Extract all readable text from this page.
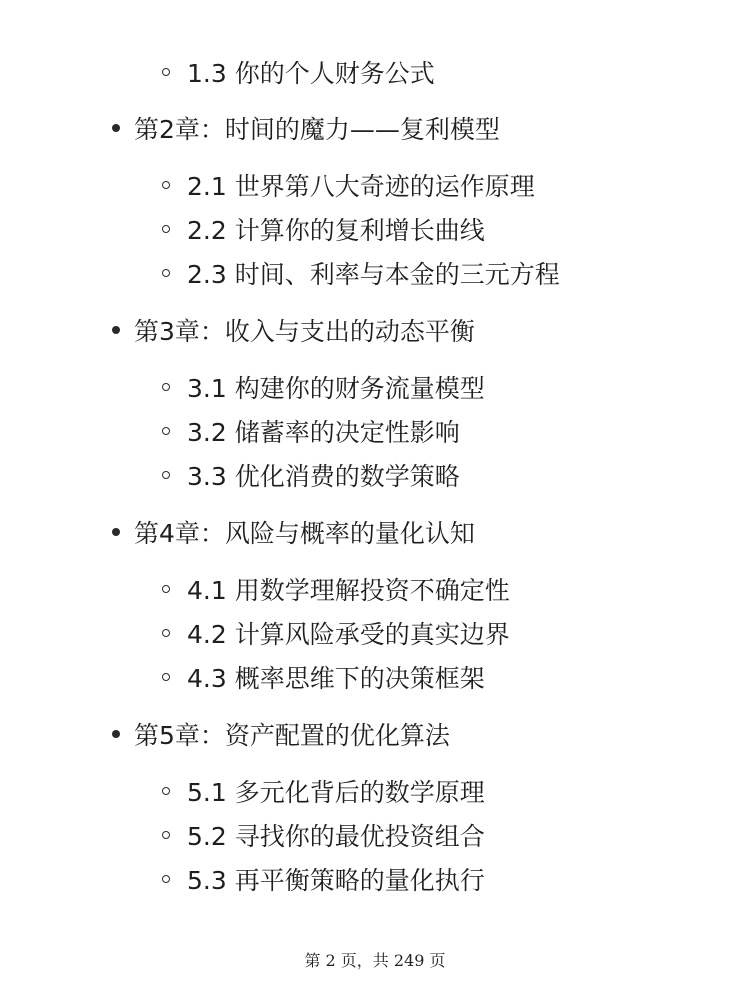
1.3 你的个人财务公式
第2章：时间的魔力——复利模型
2.1 世界第八大奇迹的运作原理
2.2 计算你的复利增长曲线
2.3 时间、利率与本金的三元方程
第3章：收入与支出的动态平衡
3.1 构建你的财务流量模型
3.2 储蓄率的决定性影响
3.3 优化消费的数学策略
第4章：风险与概率的量化认知
4.1 用数学理解投资不确定性
4.2 计算风险承受的真实边界
4.3 概率思维下的决策框架
第5章：资产配置的优化算法
5.1 多元化背后的数学原理
5.2 寻找你的最优投资组合
5.3 再平衡策略的量化执行
第 2 页，共 249 页
